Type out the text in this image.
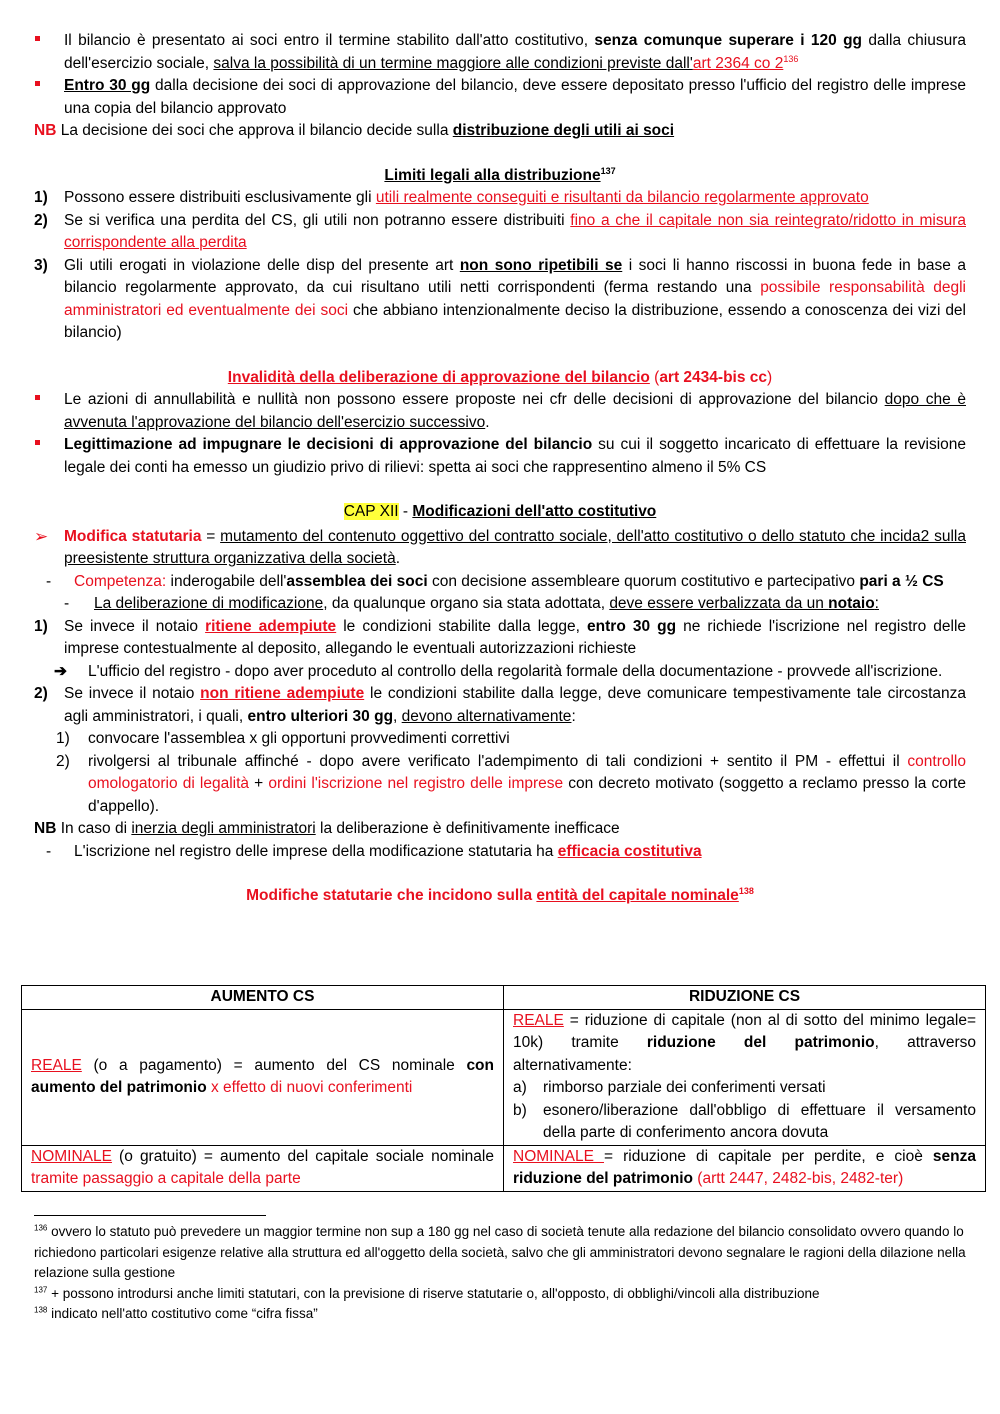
Il bilancio è presentato ai soci entro il termine stabilito dall'atto costitutivo, senza comunque superare i 120 gg dalla chiusura dell'esercizio sociale, salva la possibilità di un termine maggiore alle condizioni previste dall'art 2364 co $2^{136}$
Entro 30 gg dalla decisione dei soci di approvazione del bilancio, deve essere depositato presso l'ufficio del registro delle imprese una copia del bilancio approvato
NB La decisione dei soci che approva il bilancio decide sulla distribuzione degli utili ai soci
Limiti legali alla distribuzione$^{137}$
1)	Possono essere distribuiti esclusivamente gli utili realmente conseguiti e risultanti da bilancio regolarmente approvato
2)	Se si verifica una perdita del CS, gli utili non potranno essere distribuiti fino a che il capitale non sia reintegrato/ridotto in misura corrispondente alla perdita
3)	Gli utili erogati in violazione delle disp del presente art non sono ripetibili se i soci li hanno riscossi in buona fede in base a bilancio regolarmente approvato, da cui risultano utili netti corrispondenti (ferma restando una possibile responsabilità degli amministratori ed eventualmente dei soci che abbiano intenzionalmente deciso la distribuzione, essendo a conoscenza dei vizi del bilancio)
Invalidità della deliberazione di approvazione del bilancio (art 2434-bis cc)
Le azioni di annullabilità e nullità non possono essere proposte nei cfr delle decisioni di approvazione del bilancio dopo che è avvenuta l'approvazione del bilancio dell'esercizio successivo.
Legittimazione ad impugnare le decisioni di approvazione del bilancio su cui il soggetto incaricato di effettuare la revisione legale dei conti ha emesso un giudizio privo di rilievi: spetta ai soci che rappresentino almeno il 5% CS
CAP XII - Modificazioni dell'atto costitutivo
➢	Modifica statutaria = mutamento del contenuto oggettivo del contratto sociale, dell'atto costitutivo o dello statuto che incida2 sulla preesistente struttura organizzativa della società.
-	Competenza: inderogabile dell'assemblea dei soci con decisione assembleare quorum costitutivo e partecipativo pari a ½ CS
-	La deliberazione di modificazione, da qualunque organo sia stata adottata, deve essere verbalizzata da un notaio:
1)	Se invece il notaio ritiene adempiute le condizioni stabilite dalla legge, entro 30 gg ne richiede l'iscrizione nel registro delle imprese contestualmente al deposito, allegando le eventuali autorizzazioni richieste
➔	L'ufficio del registro - dopo aver proceduto al controllo della regolarità formale della documentazione - provvede all'iscrizione.
2)	Se invece il notaio non ritiene adempiute le condizioni stabilite dalla legge, deve comunicare tempestivamente tale circostanza agli amministratori, i quali, entro ulteriori 30 gg, devono alternativamente:
1)	convocare l'assemblea x gli opportuni provvedimenti correttivi
2)	rivolgersi al tribunale affinché - dopo avere verificato l'adempimento di tali condizioni + sentito il PM - effettui il controllo omologatorio di legalità + ordini l'iscrizione nel registro delle imprese con decreto motivato (soggetto a reclamo presso la corte d'appello).
NB In caso di inerzia degli amministratori la deliberazione è definitivamente inefficace
-	L'iscrizione nel registro delle imprese della modificazione statutaria ha efficacia costitutiva
Modifiche statutarie che incidono sulla entità del capitale nominale$^{138}$
AUMENTO CS	RIDUZIONE CS
REALE (o a pagamento) = aumento del CS nominale con aumento del patrimonio x effetto di nuovi conferimenti	REALE = riduzione di capitale (non al di sotto del minimo legale= 10k) tramite riduzione del patrimonio, attraverso alternativamente:
a) rimborso parziale dei conferimenti versati
b) esonero/liberazione dall'obbligo di effettuare il versamento della parte di conferimento ancora dovuta

NOMINALE (o gratuito) = aumento del capitale sociale nominale tramite passaggio a capitale della parte	NOMINALE = riduzione di capitale per perdite, e cioè senza riduzione del patrimonio (artt 2447, 2482-bis, 2482-ter)
$^{136}$ ovvero lo statuto può prevedere un maggior termine non sup a 180 gg nel caso di società tenute alla redazione del bilancio consolidato ovvero quando lo richiedono particolari esigenze relative alla struttura ed all'oggetto della società, salvo che gli amministratori devono segnalare le ragioni della dilazione nella relazione sulla gestione
$^{137}$ + possono introdursi anche limiti statutari, con la previsione di riserve statutarie o, all'opposto, di obblighi/vincoli alla distribuzione
$^{138}$ indicato nell'atto costitutivo come “cifra fissa”
